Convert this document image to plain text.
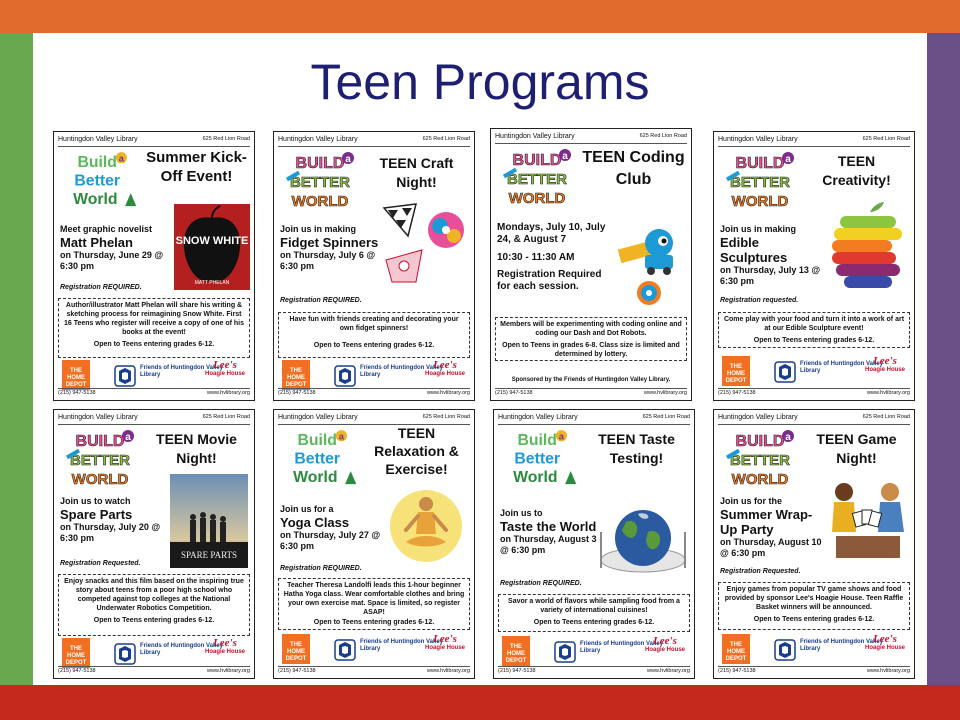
Teen Programs
Huntingdon Valley Library	625 Red Lion Road
Summer Kick-Off Event!
SNOW WHITE
MATT PHELAN
Meet graphic novelist
Matt Phelan
on Thursday, June 29 @ 6:30 pm
Registration REQUIRED.
Author/illustrator Matt Phelan will share his writing & sketching process for reimagining Snow White. First 16 Teens who register will receive a copy of one of his books at the event!
Open to Teens entering grades 6-12.
THE HOME DEPOT
Friends of Huntingdon Valley Library
Lee's
Hoagie House
(215) 947-5138	www.hvlibrary.org
Huntingdon Valley Library	625 Red Lion Road
TEEN Craft Night!
Join us in making
Fidget Spinners
on Thursday, July 6 @ 6:30 pm
Registration REQUIRED.
Have fun with friends creating and decorating your own fidget spinners!
Open to Teens entering grades 6-12.
THE HOME DEPOT
Friends of Huntingdon Valley Library
Lee's
Hoagie House
(215) 947-5138	www.hvlibrary.org
Huntingdon Valley Library	625 Red Lion Road
TEEN Coding Club
Mondays, July 10, July 24, & August 7
10:30 - 11:30 AM
Registration Required for each session.
Members will be experimenting with coding online and coding our Dash and Dot Robots.
Open to Teens in grades 6-8. Class size is limited and determined by lottery.
Sponsored by the Friends of Huntingdon Valley Library.
(215) 947-5138	www.hvlibrary.org
Huntingdon Valley Library	625 Red Lion Road
TEEN Creativity!
Join us in making
Edible Sculptures
on Thursday, July 13 @ 6:30 pm
Registration requested.
Come play with your food and turn it into a work of art at our Edible Sculpture event!
Open to Teens entering grades 6-12.
THE HOME DEPOT
Friends of Huntingdon Valley Library
Lee's
Hoagie House
(215) 947-5138	www.hvlibrary.org
Huntingdon Valley Library	625 Red Lion Road
TEEN Movie Night!
SPARE PARTS
Join us to watch
Spare Parts
on Thursday, July 20 @ 6:30 pm
Registration Requested.
Enjoy snacks and this film based on the inspiring true story about teens from a poor high school who competed against top colleges at the National Underwater Robotics Competition.
Open to Teens entering grades 6-12.
THE HOME DEPOT
Friends of Huntingdon Valley Library
Lee's
Hoagie House
(215) 947-5138	www.hvlibrary.org
Huntingdon Valley Library	625 Red Lion Road
TEEN Relaxation & Exercise!
Join us for a
Yoga Class
on Thursday, July 27 @ 6:30 pm
Registration REQUIRED.
Teacher Theresa Landolfi leads this 1-hour beginner Hatha Yoga class. Wear comfortable clothes and bring your own exercise mat. Space is limited, so register ASAP!
Open to Teens entering grades 6-12.
THE HOME DEPOT
Friends of Huntingdon Valley Library
Lee's
Hoagie House
(215) 947-5138	www.hvlibrary.org
Huntingdon Valley Library	625 Red Lion Road
TEEN Taste Testing!
Join us to
Taste the World
on Thursday, August 3 @ 6:30 pm
Registration REQUIRED.
Savor a world of flavors while sampling food from a variety of international cuisines!
Open to Teens entering grades 6-12.
THE HOME DEPOT
Friends of Huntingdon Valley Library
Lee's
Hoagie House
(215) 947-5138	www.hvlibrary.org
Huntingdon Valley Library	625 Red Lion Road
TEEN Game Night!
Join us for the
Summer Wrap-Up Party
on Thursday, August 10 @ 6:30 pm
Registration Requested.
Enjoy games from popular TV game shows and food provided by sponsor Lee's Hoagie House. Teen Raffle Basket winners will be announced.
Open to Teens entering grades 6-12.
THE HOME DEPOT
Friends of Huntingdon Valley Library
Lee's
Hoagie House
(215) 947-5138	www.hvlibrary.org
